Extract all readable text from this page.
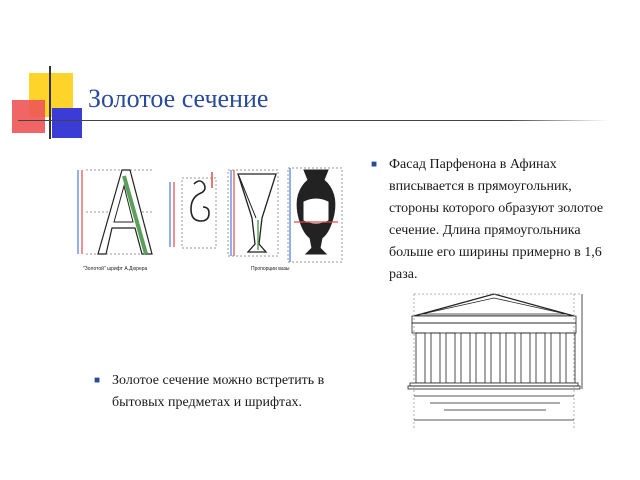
Золотое сечение
"Золотой" шрифт А.Дюрера	Пропорции вазы
■ Фасад Парфенона в Афинах вписывается в прямоугольник, стороны которого образуют золотое сечение. Длина прямоугольника больше его ширины примерно в 1,6 раза.
■ Золотое сечение можно встретить в бытовых предметах и шрифтах.
